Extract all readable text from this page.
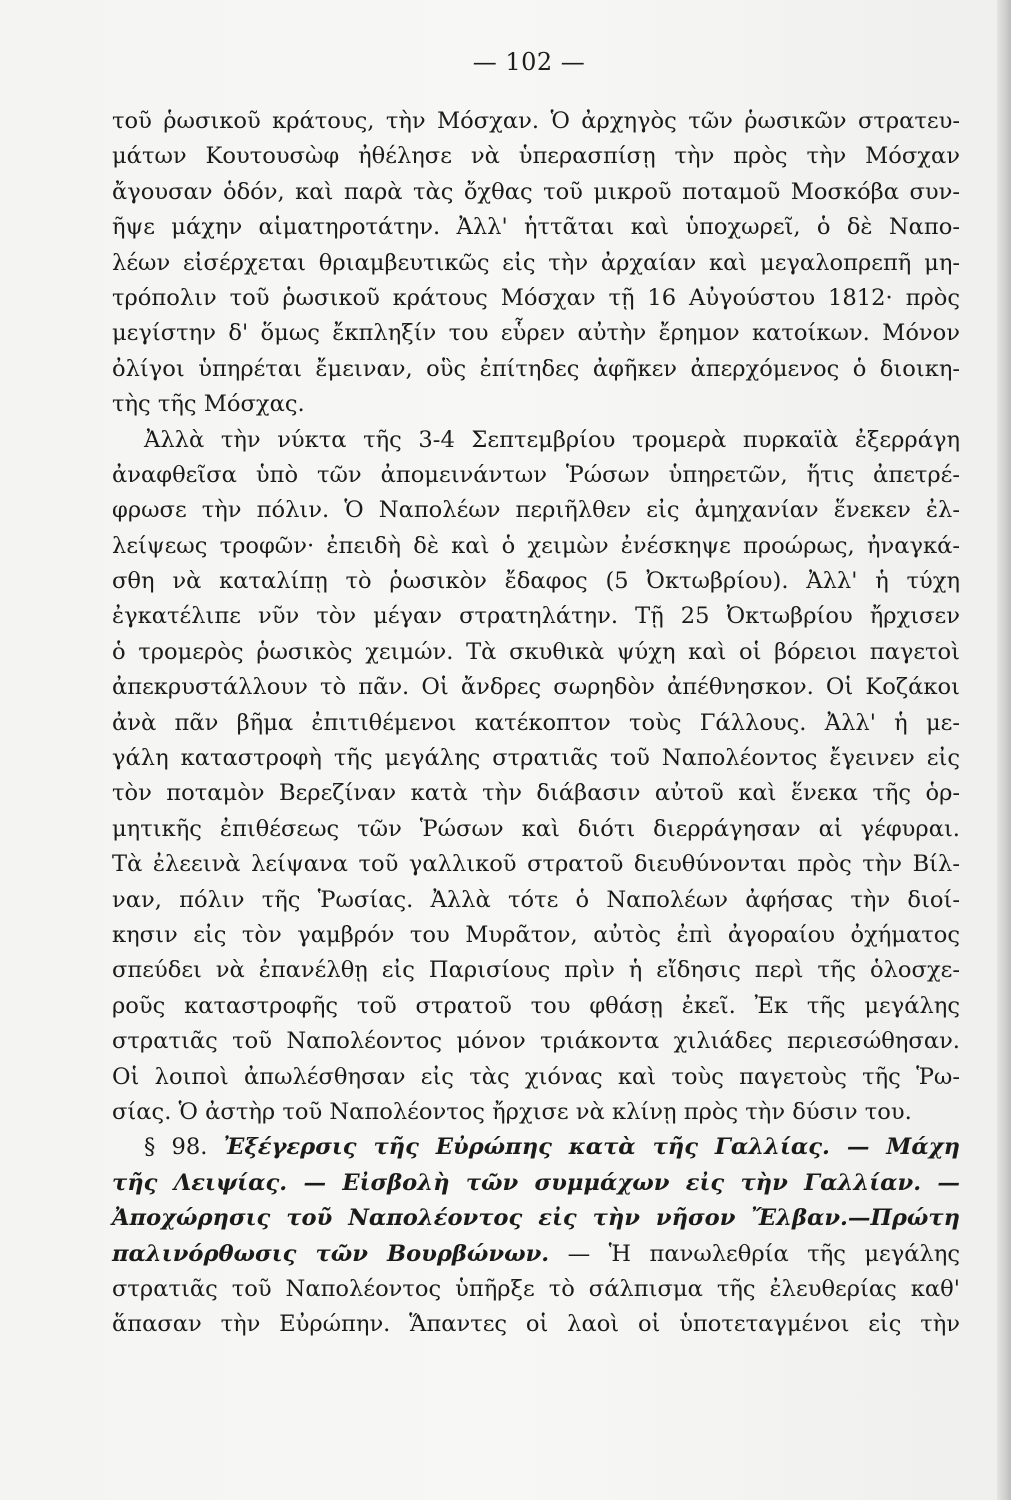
— 102 —
τοῦ ῥωσικοῦ κράτους, τὴν Μόσχαν. Ὁ ἀρχηγὸς τῶν ῥωσικῶν στρατευ-
μάτων Κουτουσὼφ ἠθέλησε νὰ ὑπερασπίσῃ τὴν πρὸς τὴν Μόσχαν
ἄγουσαν ὁδόν, καὶ παρὰ τὰς ὄχθας τοῦ μικροῦ ποταμοῦ Μοσκόβα συν-
ῆψε μάχην αἱματηροτάτην. Ἀλλ' ἡττᾶται καὶ ὑποχωρεῖ, ὁ δὲ Ναπο-
λέων εἰσέρχεται θριαμβευτικῶς εἰς τὴν ἀρχαίαν καὶ μεγαλοπρεπῆ μη-
τρόπολιν τοῦ ῥωσικοῦ κράτους Μόσχαν τῇ 16 Αὐγούστου 1812· πρὸς
μεγίστην δ' ὅμως ἔκπληξίν του εὗρεν αὐτὴν ἔρημον κατοίκων. Μόνον
ὀλίγοι ὑπηρέται ἔμειναν, οὓς ἐπίτηδες ἀφῆκεν ἀπερχόμενος ὁ διοικη-
τὴς τῆς Μόσχας.
Ἀλλὰ τὴν νύκτα τῆς 3-4 Σεπτεμβρίου τρομερὰ πυρκαϊὰ ἐξερράγη
ἀναφθεῖσα ὑπὸ τῶν ἀπομεινάντων Ῥώσων ὑπηρετῶν, ἥτις ἀπετρέ-
φρωσε τὴν πόλιν. Ὁ Ναπολέων περιῆλθεν εἰς ἀμηχανίαν ἕνεκεν ἐλ-
λείψεως τροφῶν· ἐπειδὴ δὲ καὶ ὁ χειμὼν ἐνέσκηψε προώρως, ἠναγκά-
σθη νὰ καταλίπῃ τὸ ῥωσικὸν ἔδαφος (5 Ὀκτωβρίου). Ἀλλ' ἡ τύχη
ἐγκατέλιπε νῦν τὸν μέγαν στρατηλάτην. Τῇ 25 Ὀκτωβρίου ἤρχισεν
ὁ τρομερὸς ῥωσικὸς χειμών. Τὰ σκυθικὰ ψύχη καὶ οἱ βόρειοι παγετοὶ
ἀπεκρυστάλλουν τὸ πᾶν. Οἱ ἄνδρες σωρηδὸν ἀπέθνησκον. Οἱ Κοζάκοι
ἀνὰ πᾶν βῆμα ἐπιτιθέμενοι κατέκοπτον τοὺς Γάλλους. Ἀλλ' ἡ με-
γάλη καταστροφὴ τῆς μεγάλης στρατιᾶς τοῦ Ναπολέοντος ἔγεινεν εἰς
τὸν ποταμὸν Βερεζίναν κατὰ τὴν διάβασιν αὐτοῦ καὶ ἕνεκα τῆς ὁρ-
μητικῆς ἐπιθέσεως τῶν Ῥώσων καὶ διότι διερράγησαν αἱ γέφυραι.
Τὰ ἐλεεινὰ λείψανα τοῦ γαλλικοῦ στρατοῦ διευθύνονται πρὸς τὴν Βίλ-
ναν, πόλιν τῆς Ῥωσίας. Ἀλλὰ τότε ὁ Ναπολέων ἀφήσας τὴν διοί-
κησιν εἰς τὸν γαμβρόν του Μυρᾶτον, αὐτὸς ἐπὶ ἀγοραίου ὀχήματος
σπεύδει νὰ ἐπανέλθῃ εἰς Παρισίους πρὶν ἡ εἴδησις περὶ τῆς ὁλοσχε-
ροῦς καταστροφῆς τοῦ στρατοῦ του φθάσῃ ἐκεῖ. Ἐκ τῆς μεγάλης
στρατιᾶς τοῦ Ναπολέοντος μόνον τριάκοντα χιλιάδες περιεσώθησαν.
Οἱ λοιποὶ ἀπωλέσθησαν εἰς τὰς χιόνας καὶ τοὺς παγετοὺς τῆς Ῥω-
σίας. Ὁ ἀστὴρ τοῦ Ναπολέοντος ἤρχισε νὰ κλίνῃ πρὸς τὴν δύσιν του.
§ 98. Ἐξέγερσις τῆς Εὐρώπης κατὰ τῆς Γαλλίας. — Μάχη
τῆς Λειψίας. — Εἰσβολὴ τῶν συμμάχων εἰς τὴν Γαλλίαν. —
Ἀποχώρησις τοῦ Ναπολέοντος εἰς τὴν νῆσον Ἔλβαν.—Πρώτη
παλινόρθωσις τῶν Βουρβώνων. — Ἡ πανωλεθρία τῆς μεγάλης
στρατιᾶς τοῦ Ναπολέοντος ὑπῆρξε τὸ σάλπισμα τῆς ἐλευθερίας καθ'
ἅπασαν τὴν Εὐρώπην. Ἅπαντες οἱ λαοὶ οἱ ὑποτεταγμένοι εἰς τὴν
